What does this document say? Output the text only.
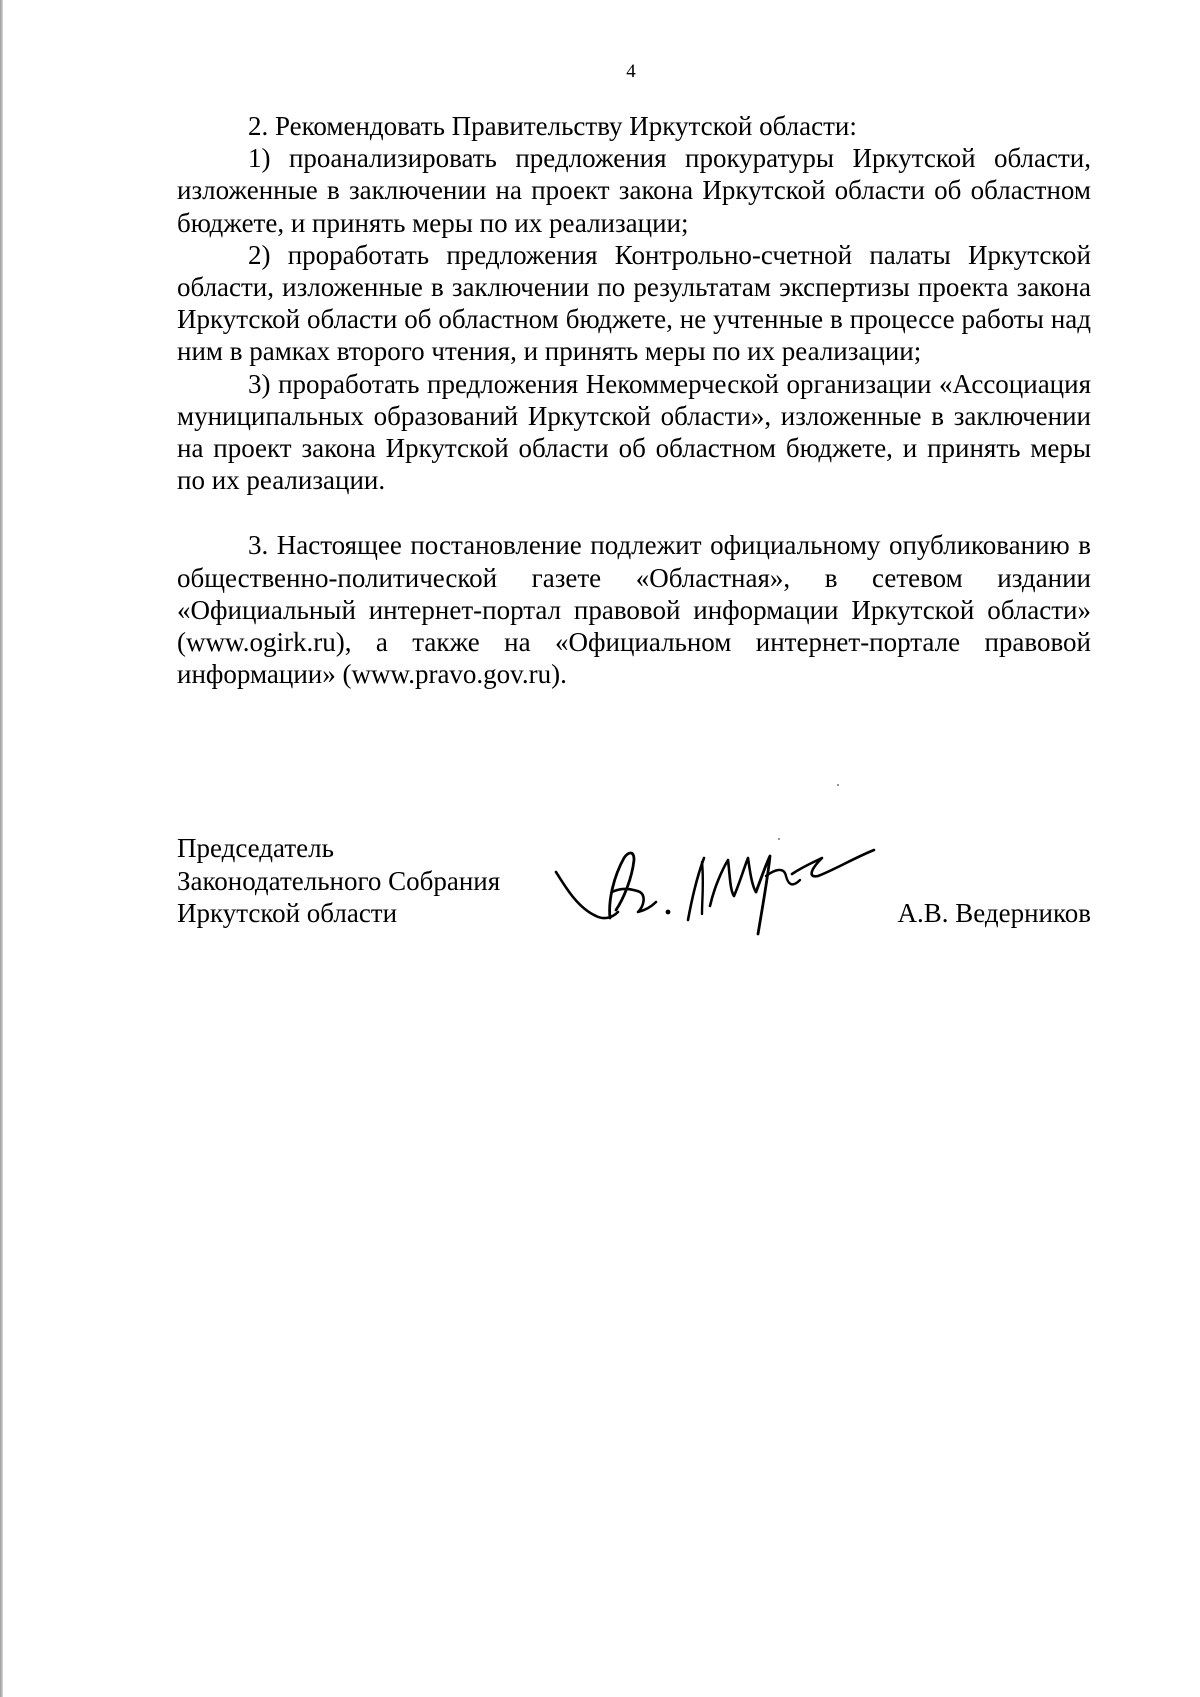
4

2. Рекомендовать Правительству Иркутской области:

1) проанализировать предложения прокуратуры Иркутской области, изложенные в заключении на проект закона Иркутской области об областном бюджете, и принять меры по их реализации;

2) проработать предложения Контрольно-счетной палаты Иркутской области, изложенные в заключении по результатам экспертизы проекта закона Иркутской области об областном бюджете, не учтенные в процессе работы над ним в рамках второго чтения, и принять меры по их реализации;

3) проработать предложения Некоммерческой организации «Ассоциация муниципальных образований Иркутской области», изложенные в заключении на проект закона Иркутской области об областном бюджете, и принять меры по их реализации.

3. Настоящее постановление подлежит официальному опубликованию в общественно-политической газете «Областная», в сетевом издании «Официальный интернет-портал правовой информации Иркутской области» (www.ogirk.ru), а также на «Официальном интернет-портале правовой информации» (www.pravo.gov.ru).

Председатель

Законодательного Собрания

Иркутской области	А.В. Ведерников
